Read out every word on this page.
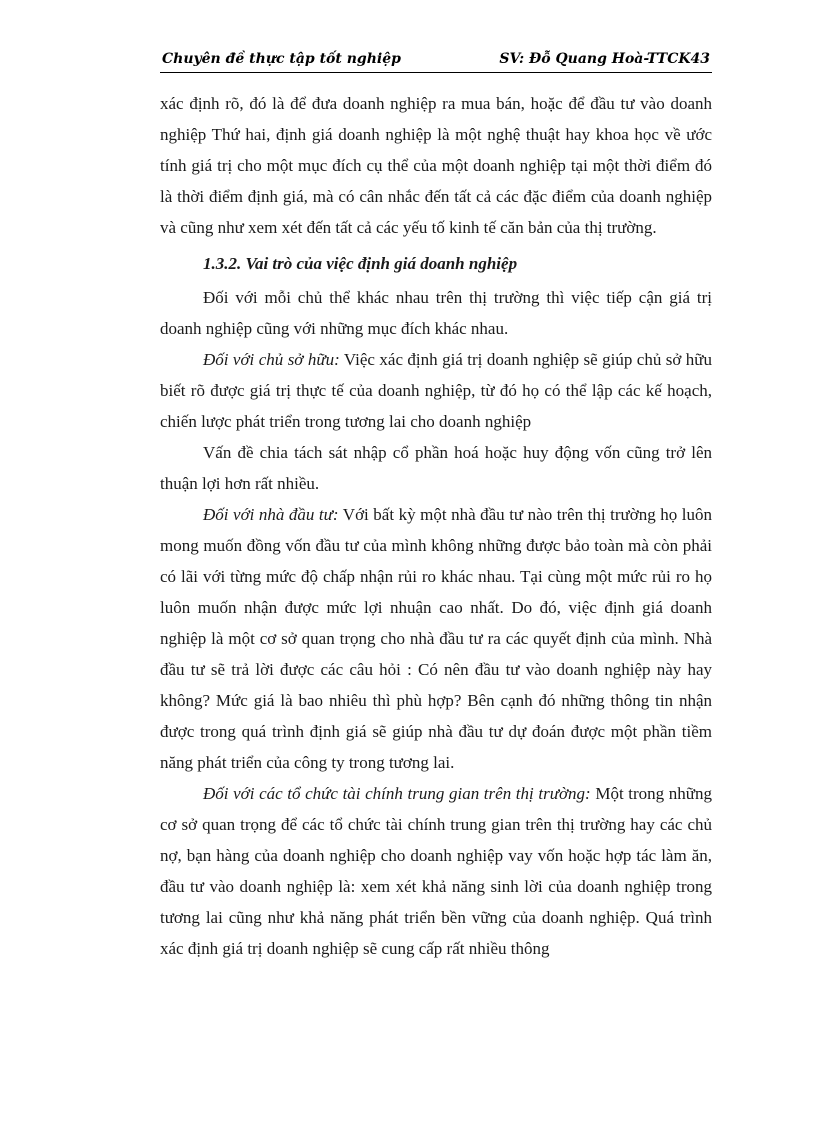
Chuyên đề thực tập tốt nghiệp	SV: Đỗ Quang Hoà-TTCK43

xác định rõ, đó là để đưa doanh nghiệp ra mua bán, hoặc để đầu tư vào doanh nghiệp Thứ hai, định giá doanh nghiệp là một nghệ thuật hay khoa học về ước tính giá trị cho một mục đích cụ thể của một doanh nghiệp tại một thời điểm đó là thời điểm định giá, mà có cân nhắc đến tất cả các đặc điểm của doanh nghiệp và cũng như xem xét đến tất cả các yếu tố kinh tế căn bản của thị trường.

1.3.2. Vai trò của việc định giá doanh nghiệp

Đối với mỗi chủ thể khác nhau trên thị trường thì việc tiếp cận giá trị doanh nghiệp cũng với những mục đích khác nhau.

Đối với chủ sở hữu: Việc xác định giá trị doanh nghiệp sẽ giúp chủ sở hữu biết rõ được giá trị thực tế của doanh nghiệp, từ đó họ có thể lập các kế hoạch, chiến lược phát triển trong tương lai cho doanh nghiệp

Vấn đề chia tách sát nhập cổ phần hoá hoặc huy động vốn cũng trở lên thuận lợi hơn rất nhiều.

Đối với nhà đầu tư: Với bất kỳ một nhà đầu tư nào trên thị trường họ luôn mong muốn đồng vốn đầu tư của mình không những được bảo toàn mà còn phải có lãi với từng mức độ chấp nhận rủi ro khác nhau. Tại cùng một mức rủi ro họ luôn muốn nhận được mức lợi nhuận cao nhất. Do đó, việc định giá doanh nghiệp là một cơ sở quan trọng cho nhà đầu tư ra các quyết định của mình. Nhà đầu tư sẽ trả lời được các câu hỏi : Có nên đầu tư vào doanh nghiệp này hay không? Mức giá là bao nhiêu thì phù hợp? Bên cạnh đó những thông tin nhận được trong quá trình định giá sẽ giúp nhà đầu tư dự đoán được một phần tiềm năng phát triển của công ty trong tương lai.

Đối với các tổ chức tài chính trung gian trên thị trường: Một trong những cơ sở quan trọng để các tổ chức tài chính trung gian trên thị trường hay các chủ nợ, bạn hàng của doanh nghiệp cho doanh nghiệp vay vốn hoặc hợp tác làm ăn, đầu tư vào doanh nghiệp là: xem xét khả năng sinh lời của doanh nghiệp trong tương lai cũng như khả năng phát triển bền vững của doanh nghiệp. Quá trình xác định giá trị doanh nghiệp sẽ cung cấp rất nhiều thông
